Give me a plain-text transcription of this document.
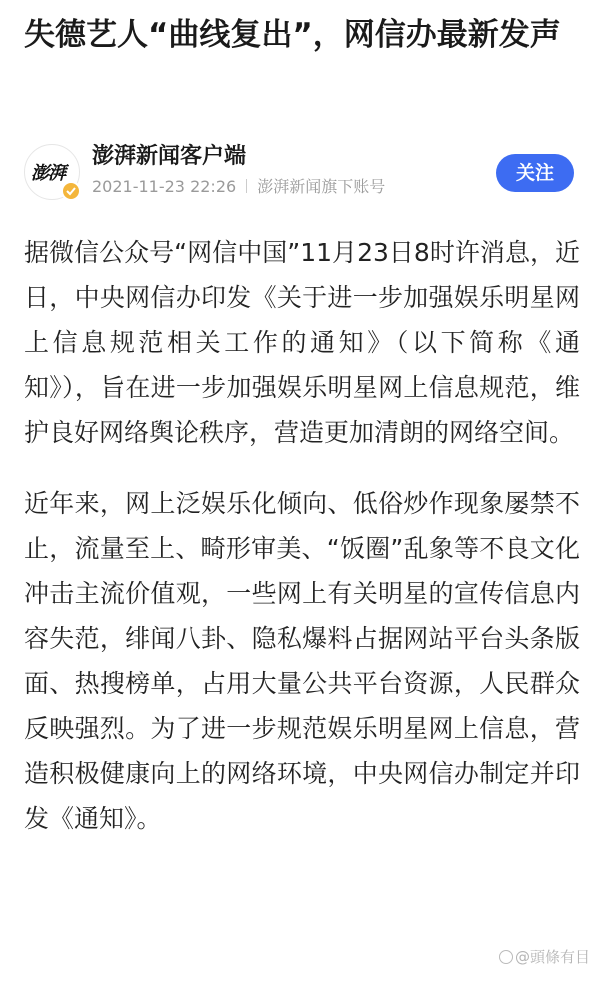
失德艺人“曲线复出”，网信办最新发声
澎湃
澎湃新闻客户端
2021-11-23 22:26 澎湃新闻旗下账号
关注

据微信公众号“网信中国”11月23日8时许消息，近日，中央网信办印发《关于进一步加强娱乐明星网上信息规范相关工作的通知》（以下简称《通知》），旨在进一步加强娱乐明星网上信息规范，维护良好网络舆论秩序，营造更加清朗的网络空间。

近年来，网上泛娱乐化倾向、低俗炒作现象屡禁不止，流量至上、畸形审美、“饭圈”乱象等不良文化冲击主流价值观，一些网上有关明星的宣传信息内容失范，绯闻八卦、隐私爆料占据网站平台头条版面、热搜榜单，占用大量公共平台资源，人民群众反映强烈。为了进一步规范娱乐明星网上信息，营造积极健康向上的网络环境，中央网信办制定并印发《通知》。

@頭條有目
